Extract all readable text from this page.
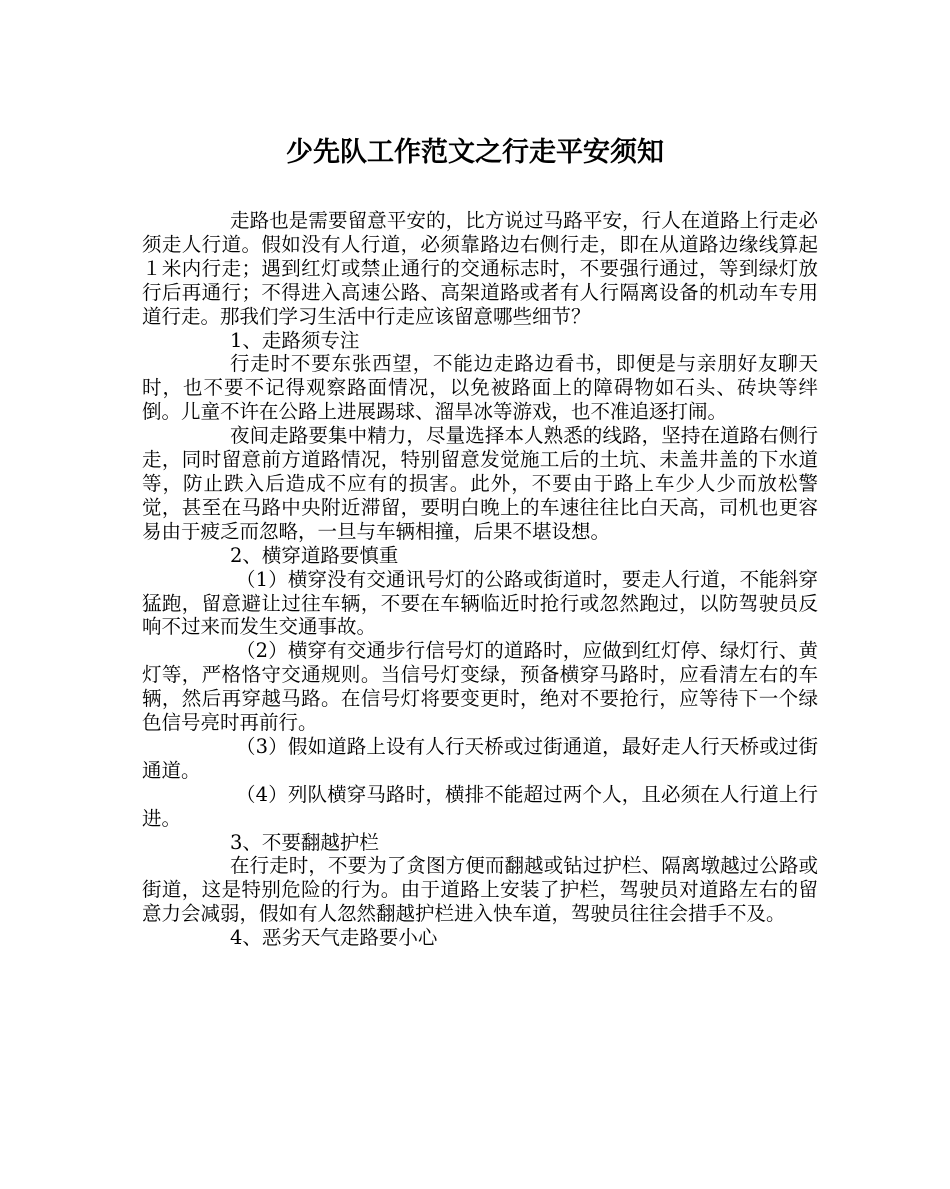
少先队工作范文之行走平安须知

走路也是需要留意平安的，比方说过马路平安，行人在道路上行走必须走人行道。假如没有人行道，必须靠路边右侧行走，即在从道路边缘线算起１米内行走；遇到红灯或禁止通行的交通标志时，不要强行通过，等到绿灯放行后再通行；不得进入高速公路、高架道路或者有人行隔离设备的机动车专用道行走。那我们学习生活中行走应该留意哪些细节？

1、走路须专注

行走时不要东张西望，不能边走路边看书，即便是与亲朋好友聊天时，也不要不记得观察路面情况，以免被路面上的障碍物如石头、砖块等绊倒。儿童不许在公路上进展踢球、溜旱冰等游戏，也不准追逐打闹。

夜间走路要集中精力，尽量选择本人熟悉的线路，坚持在道路右侧行走，同时留意前方道路情况，特别留意发觉施工后的土坑、未盖井盖的下水道等，防止跌入后造成不应有的损害。此外，不要由于路上车少人少而放松警觉，甚至在马路中央附近滞留，要明白晚上的车速往往比白天高，司机也更容易由于疲乏而忽略，一旦与车辆相撞，后果不堪设想。

2、横穿道路要慎重

（1）横穿没有交通讯号灯的公路或街道时，要走人行道，不能斜穿猛跑，留意避让过往车辆，不要在车辆临近时抢行或忽然跑过，以防驾驶员反响不过来而发生交通事故。

（2）横穿有交通步行信号灯的道路时，应做到红灯停、绿灯行、黄灯等，严格恪守交通规则。当信号灯变绿，预备横穿马路时，应看清左右的车辆，然后再穿越马路。在信号灯将要变更时，绝对不要抢行，应等待下一个绿色信号亮时再前行。

（3）假如道路上设有人行天桥或过街通道，最好走人行天桥或过街通道。

（4）列队横穿马路时，横排不能超过两个人，且必须在人行道上行进。

3、不要翻越护栏

在行走时，不要为了贪图方便而翻越或钻过护栏、隔离墩越过公路或街道，这是特别危险的行为。由于道路上安装了护栏，驾驶员对道路左右的留意力会减弱，假如有人忽然翻越护栏进入快车道，驾驶员往往会措手不及。

4、恶劣天气走路要小心
